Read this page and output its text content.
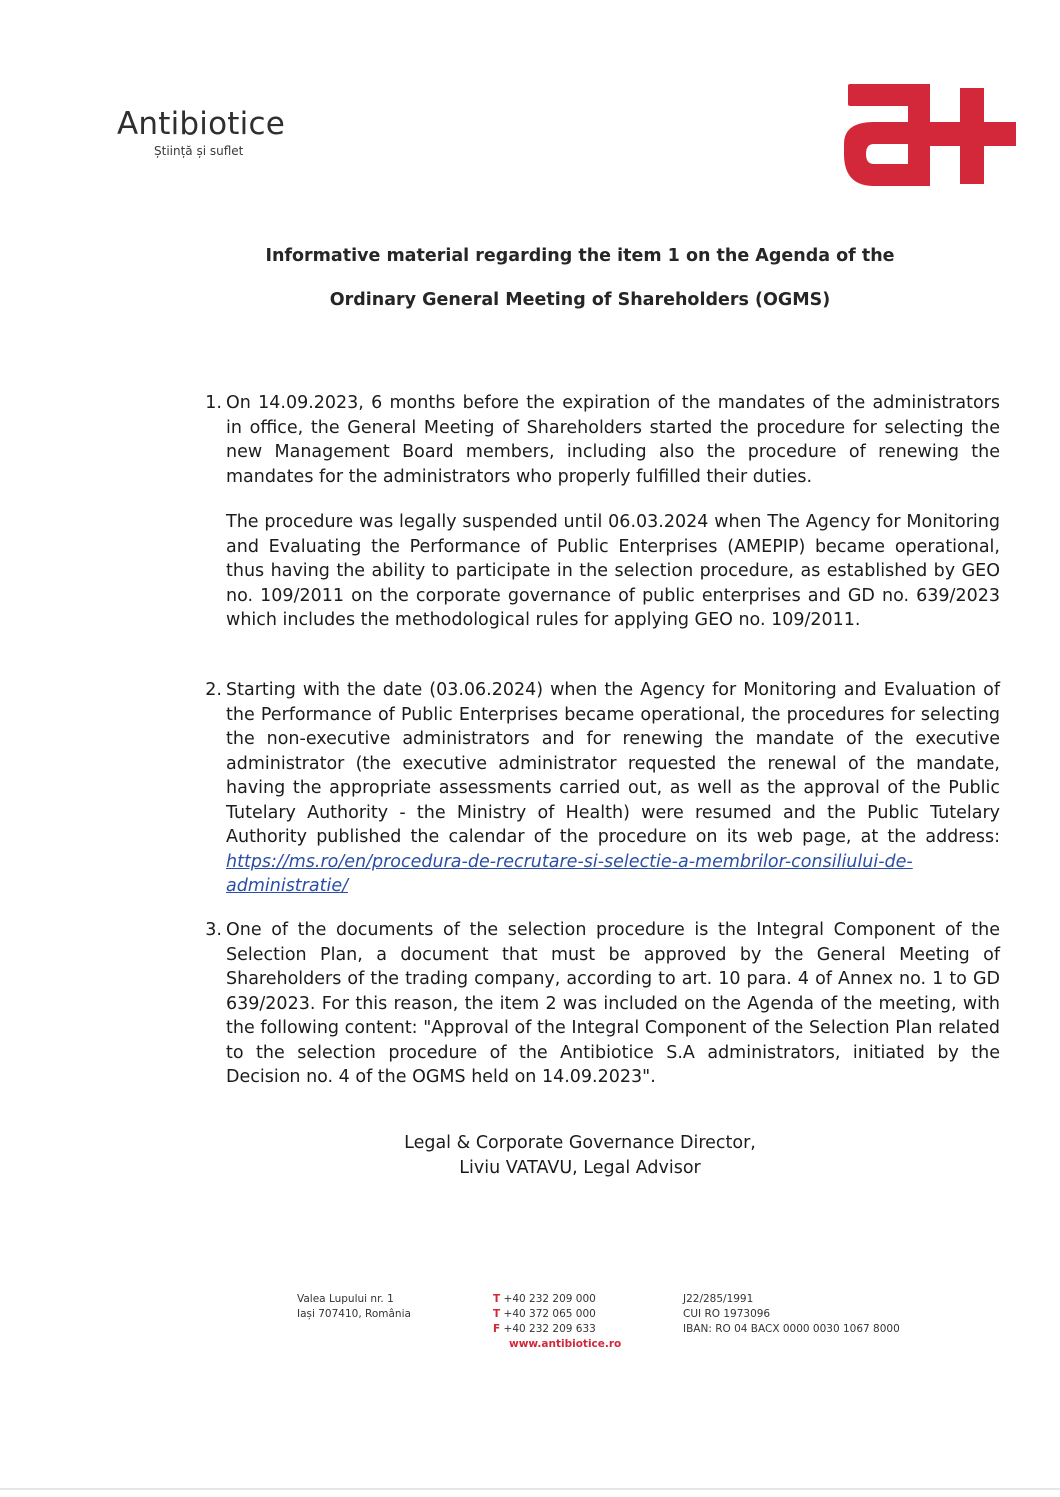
Antibiotice
Știință și suflet
Informative material regarding the item 1 on the Agenda of the
Ordinary General Meeting of Shareholders (OGMS)
1. On 14.09.2023, 6 months before the expiration of the mandates of the administrators in office, the General Meeting of Shareholders started the procedure for selecting the new Management Board members, including also the procedure of renewing the mandates for the administrators who properly fulfilled their duties.

The procedure was legally suspended until 06.03.2024 when The Agency for Monitoring and Evaluating the Performance of Public Enterprises (AMEPIP) became operational, thus having the ability to participate in the selection procedure, as established by GEO no. 109/2011 on the corporate governance of public enterprises and GD no. 639/2023 which includes the methodological rules for applying GEO no. 109/2011.

2. Starting with the date (03.06.2024) when the Agency for Monitoring and Evaluation of the Performance of Public Enterprises became operational, the procedures for selecting the non-executive administrators and for renewing the mandate of the executive administrator (the executive administrator requested the renewal of the mandate, having the appropriate assessments carried out, as well as the approval of the Public Tutelary Authority - the Ministry of Health) were resumed and the Public Tutelary Authority published the calendar of the procedure on its web page, at the address: https://ms.ro/en/procedura-de-recrutare-si-selectie-a-membrilor-consiliului-de-administratie/

3. One of the documents of the selection procedure is the Integral Component of the Selection Plan, a document that must be approved by the General Meeting of Shareholders of the trading company, according to art. 10 para. 4 of Annex no. 1 to GD 639/2023. For this reason, the item 2 was included on the Agenda of the meeting, with the following content: "Approval of the Integral Component of the Selection Plan related to the selection procedure of the Antibiotice S.A administrators, initiated by the Decision no. 4 of the OGMS held on 14.09.2023".

Legal & Corporate Governance Director,
Liviu VATAVU, Legal Advisor
Valea Lupului nr. 1
Iași 707410, România
T +40 232 209 000
T +40 372 065 000
F +40 232 209 633
www.antibiotice.ro
J22/285/1991
CUI RO 1973096
IBAN: RO 04 BACX 0000 0030 1067 8000
